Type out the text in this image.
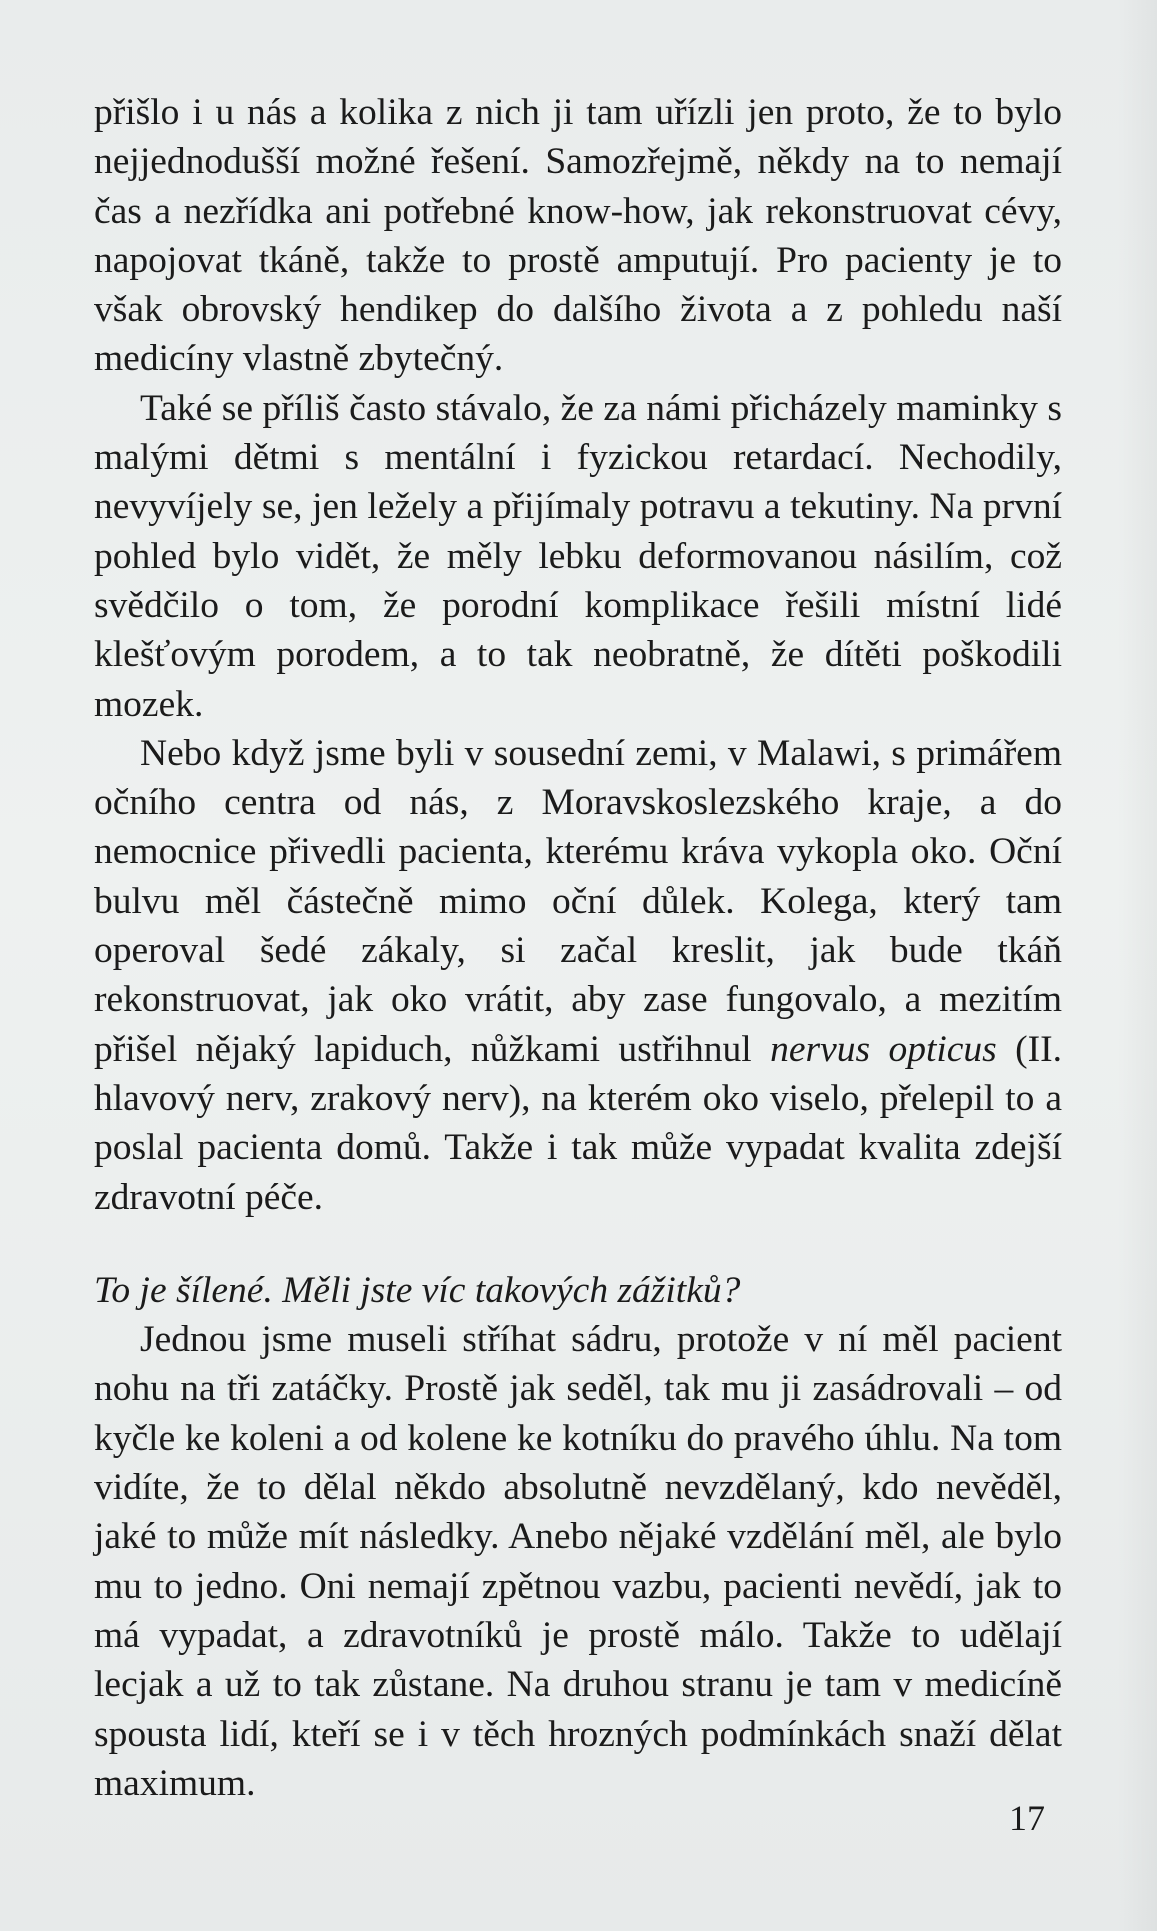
přišlo i u nás a kolika z nich ji tam uřízli jen proto, že to bylo nejjednodušší možné řešení. Samozřejmě, někdy na to nemají čas a nezřídka ani potřebné know-how, jak rekonstruovat cévy, napojovat tkáně, takže to prostě amputují. Pro pacienty je to však obrovský hendikep do dalšího života a z pohledu naší medicíny vlastně zbytečný.

Také se příliš často stávalo, že za námi přicházely maminky s malými dětmi s mentální i fyzickou retardací. Nechodily, nevyvíjely se, jen ležely a přijímaly potravu a tekutiny. Na první pohled bylo vidět, že měly lebku deformovanou násilím, což svědčilo o tom, že porodní komplikace řešili místní lidé klešťovým porodem, a to tak neobratně, že dítěti poškodili mozek.

Nebo když jsme byli v sousední zemi, v Malawi, s primářem očního centra od nás, z Moravskoslezského kraje, a do nemocnice přivedli pacienta, kterému kráva vykopla oko. Oční bulvu měl částečně mimo oční důlek. Kolega, který tam operoval šedé zákaly, si začal kreslit, jak bude tkáň rekonstruovat, jak oko vrátit, aby zase fungovalo, a mezitím přišel nějaký lapiduch, nůžkami ustřihnul nervus opticus (II. hlavový nerv, zrakový nerv), na kterém oko viselo, přelepil to a poslal pacienta domů. Takže i tak může vypadat kvalita zdejší zdravotní péče.

To je šílené. Měli jste víc takových zážitků?

Jednou jsme museli stříhat sádru, protože v ní měl pacient nohu na tři zatáčky. Prostě jak seděl, tak mu ji zasádrovali – od kyčle ke koleni a od kolene ke kotníku do pravého úhlu. Na tom vidíte, že to dělal někdo absolutně nevzdělaný, kdo nevěděl, jaké to může mít následky. Anebo nějaké vzdělání měl, ale bylo mu to jedno. Oni nemají zpětnou vazbu, pacienti nevědí, jak to má vypadat, a zdravotníků je prostě málo. Takže to udělají lecjak a už to tak zůstane. Na druhou stranu je tam v medicíně spousta lidí, kteří se i v těch hrozných podmínkách snaží dělat maximum.

17
